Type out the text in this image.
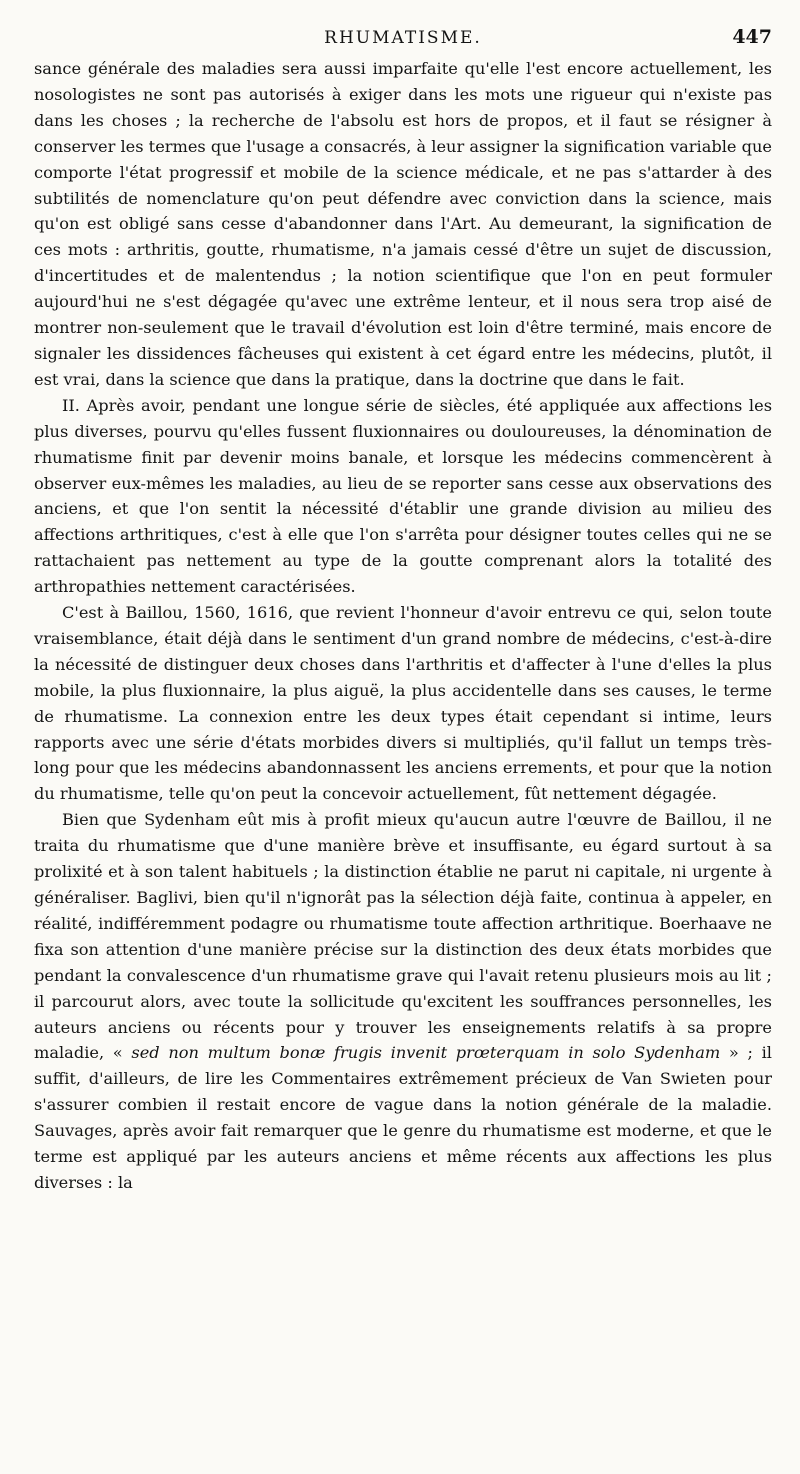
RHUMATISME.	447

sance générale des maladies sera aussi imparfaite qu'elle l'est encore actuellement, les nosologistes ne sont pas autorisés à exiger dans les mots une rigueur qui n'existe pas dans les choses ; la recherche de l'absolu est hors de propos, et il faut se résigner à conserver les termes que l'usage a consacrés, à leur assigner la signification variable que comporte l'état progressif et mobile de la science médicale, et ne pas s'attarder à des subtilités de nomenclature qu'on peut défendre avec conviction dans la science, mais qu'on est obligé sans cesse d'abandonner dans l'Art. Au demeurant, la signification de ces mots : arthritis, goutte, rhumatisme, n'a jamais cessé d'être un sujet de discussion, d'incertitudes et de malentendus ; la notion scientifique que l'on en peut formuler aujourd'hui ne s'est dégagée qu'avec une extrême lenteur, et il nous sera trop aisé de montrer non-seulement que le travail d'évolution est loin d'être terminé, mais encore de signaler les dissidences fâcheuses qui existent à cet égard entre les médecins, plutôt, il est vrai, dans la science que dans la pratique, dans la doctrine que dans le fait.

II. Après avoir, pendant une longue série de siècles, été appliquée aux affections les plus diverses, pourvu qu'elles fussent fluxionnaires ou douloureuses, la dénomination de rhumatisme finit par devenir moins banale, et lorsque les médecins commencèrent à observer eux-mêmes les maladies, au lieu de se reporter sans cesse aux observations des anciens, et que l'on sentit la nécessité d'établir une grande division au milieu des affections arthritiques, c'est à elle que l'on s'arrêta pour désigner toutes celles qui ne se rattachaient pas nettement au type de la goutte comprenant alors la totalité des arthropathies nettement caractérisées.

C'est à Baillou, 1560, 1616, que revient l'honneur d'avoir entrevu ce qui, selon toute vraisemblance, était déjà dans le sentiment d'un grand nombre de médecins, c'est-à-dire la nécessité de distinguer deux choses dans l'arthritis et d'affecter à l'une d'elles la plus mobile, la plus fluxionnaire, la plus aiguë, la plus accidentelle dans ses causes, le terme de rhumatisme. La connexion entre les deux types était cependant si intime, leurs rapports avec une série d'états morbides divers si multipliés, qu'il fallut un temps très-long pour que les médecins abandonnassent les anciens errements, et pour que la notion du rhumatisme, telle qu'on peut la concevoir actuellement, fût nettement dégagée.

Bien que Sydenham eût mis à profit mieux qu'aucun autre l'œuvre de Baillou, il ne traita du rhumatisme que d'une manière brève et insuffisante, eu égard surtout à sa prolixité et à son talent habituels ; la distinction établie ne parut ni capitale, ni urgente à généraliser. Baglivi, bien qu'il n'ignorât pas la sélection déjà faite, continua à appeler, en réalité, indifféremment podagre ou rhumatisme toute affection arthritique. Boerhaave ne fixa son attention d'une manière précise sur la distinction des deux états morbides que pendant la convalescence d'un rhumatisme grave qui l'avait retenu plusieurs mois au lit ; il parcourut alors, avec toute la sollicitude qu'excitent les souffrances personnelles, les auteurs anciens ou récents pour y trouver les enseignements relatifs à sa propre maladie, « sed non multum bonæ frugis invenit prœterquam in solo Sydenham » ; il suffit, d'ailleurs, de lire les Commentaires extrêmement précieux de Van Swieten pour s'assurer combien il restait encore de vague dans la notion générale de la maladie. Sauvages, après avoir fait remarquer que le genre du rhumatisme est moderne, et que le terme est appliqué par les auteurs anciens et même récents aux affections les plus diverses : la
